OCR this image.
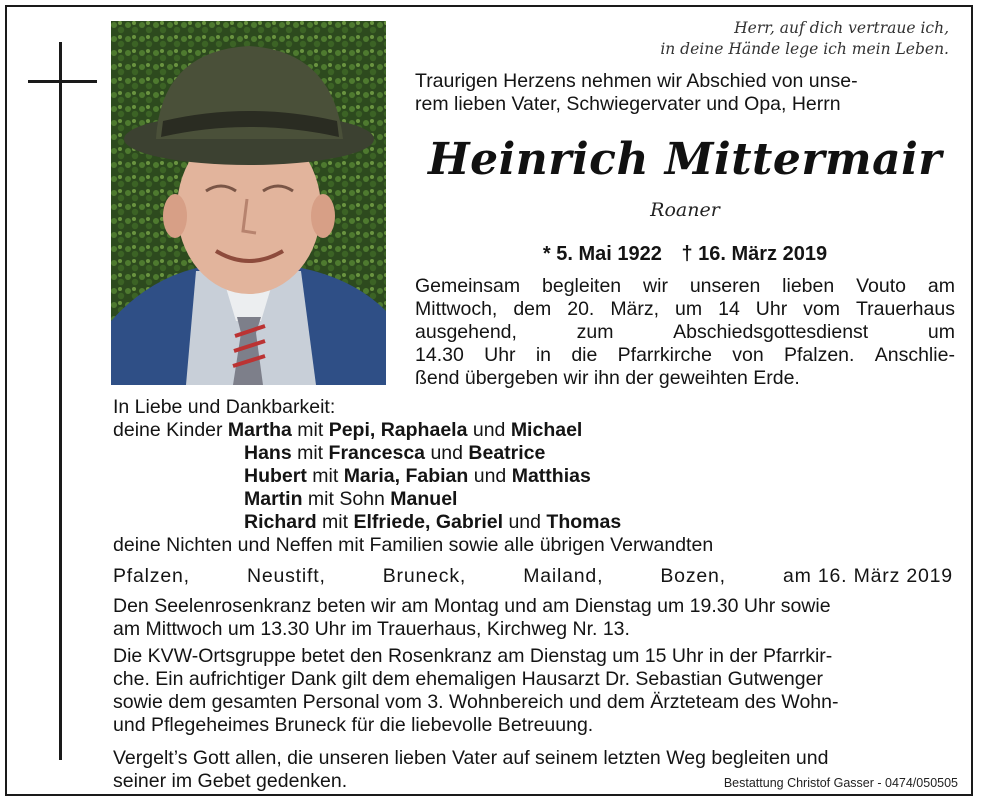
Herr, auf dich vertraue ich,
in deine Hände lege ich mein Leben.
Traurigen Herzens nehmen wir Abschied von unse-
rem lieben Vater, Schwiegervater und Opa, Herrn
Heinrich Mittermair
Roaner
* 5. Mai 1922 † 16. März 2019
Gemeinsam begleiten wir unseren lieben Vouto am
Mittwoch, dem 20. März, um 14 Uhr vom Trauerhaus
ausgehend,	zum	Abschiedsgottesdienst	um
14.30 Uhr in die Pfarrkirche von Pfalzen. Anschlie-
ßend übergeben wir ihn der geweihten Erde.
In Liebe und Dankbarkeit:
deine Kinder Martha mit Pepi, Raphaela und Michael
Hans mit Francesca und Beatrice
Hubert mit Maria, Fabian und Matthias
Martin mit Sohn Manuel
Richard mit Elfriede, Gabriel und Thomas
deine Nichten und Neffen mit Familien sowie alle übrigen Verwandten
Pfalzen,	Neustift,	Bruneck,	Mailand,	Bozen,	am 16. März 2019
Den Seelenrosenkranz beten wir am Montag und am Dienstag um 19.30 Uhr sowie
am Mittwoch um 13.30 Uhr im Trauerhaus, Kirchweg Nr. 13.
Die KVW-Ortsgruppe betet den Rosenkranz am Dienstag um 15 Uhr in der Pfarrkir-
che. Ein aufrichtiger Dank gilt dem ehemaligen Hausarzt Dr. Sebastian Gutwenger
sowie dem gesamten Personal vom 3. Wohnbereich und dem Ärzteteam des Wohn-
und Pflegeheimes Bruneck für die liebevolle Betreuung.
Vergelt’s Gott allen, die unseren lieben Vater auf seinem letzten Weg begleiten und
seiner im Gebet gedenken.	Bestattung Christof Gasser - 0474/050505
